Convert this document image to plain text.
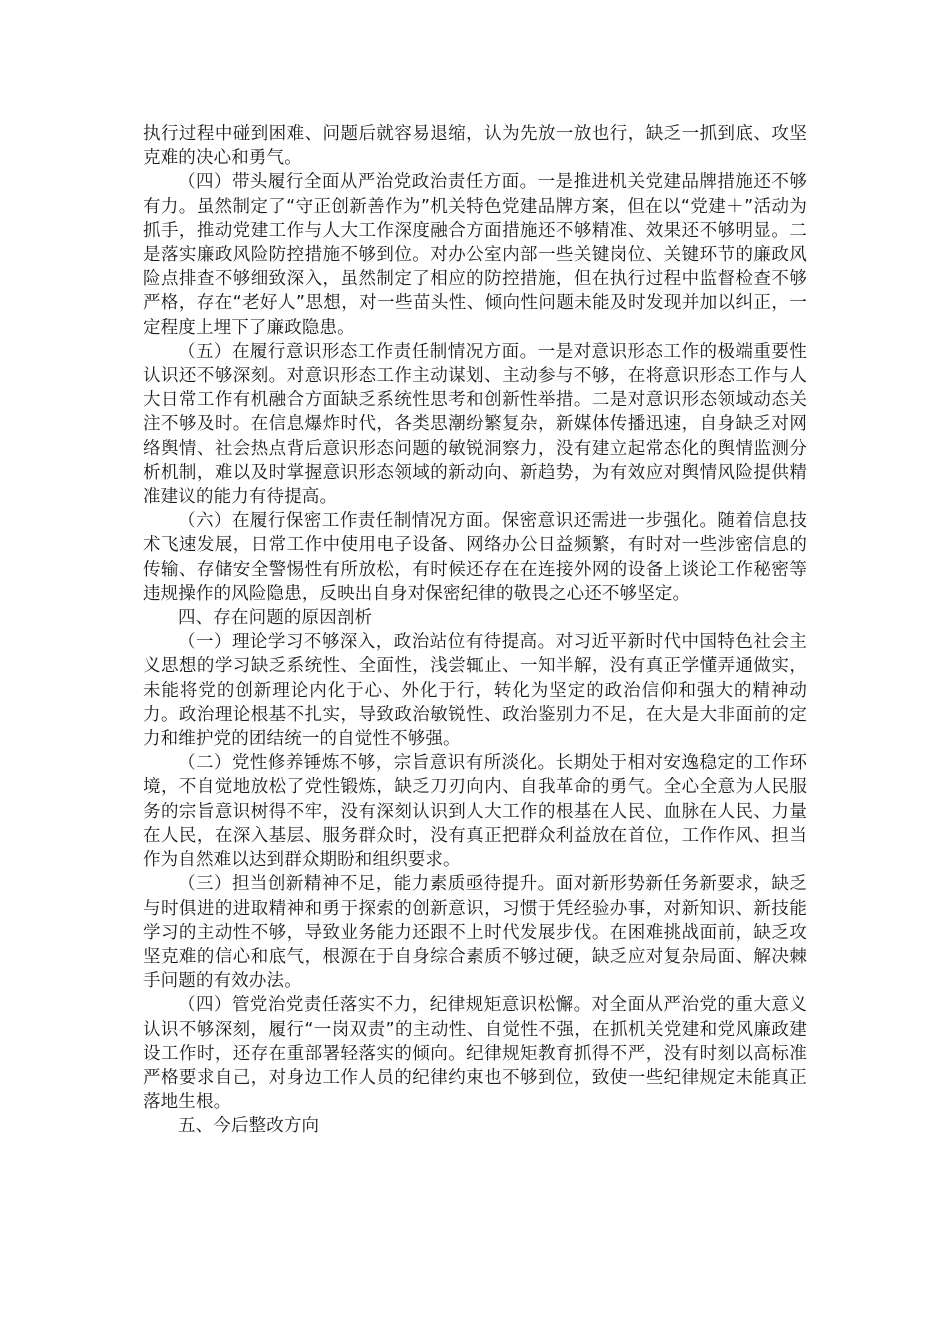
执行过程中碰到困难、问题后就容易退缩，认为先放一放也行，缺乏一抓到底、攻坚克难的决心和勇气。

（四）带头履行全面从严治党政治责任方面。一是推进机关党建品牌措施还不够有力。虽然制定了“守正创新善作为”机关特色党建品牌方案，但在以“党建＋”活动为抓手，推动党建工作与人大工作深度融合方面措施还不够精准、效果还不够明显。二是落实廉政风险防控措施不够到位。对办公室内部一些关键岗位、关键环节的廉政风险点排查不够细致深入，虽然制定了相应的防控措施，但在执行过程中监督检查不够严格，存在“老好人”思想，对一些苗头性、倾向性问题未能及时发现并加以纠正，一定程度上埋下了廉政隐患。

（五）在履行意识形态工作责任制情况方面。一是对意识形态工作的极端重要性认识还不够深刻。对意识形态工作主动谋划、主动参与不够，在将意识形态工作与人大日常工作有机融合方面缺乏系统性思考和创新性举措。二是对意识形态领域动态关注不够及时。在信息爆炸时代，各类思潮纷繁复杂，新媒体传播迅速，自身缺乏对网络舆情、社会热点背后意识形态问题的敏锐洞察力，没有建立起常态化的舆情监测分析机制，难以及时掌握意识形态领域的新动向、新趋势，为有效应对舆情风险提供精准建议的能力有待提高。

（六）在履行保密工作责任制情况方面。保密意识还需进一步强化。随着信息技术飞速发展，日常工作中使用电子设备、网络办公日益频繁，有时对一些涉密信息的传输、存储安全警惕性有所放松，有时候还存在在连接外网的设备上谈论工作秘密等违规操作的风险隐患，反映出自身对保密纪律的敬畏之心还不够坚定。

四、存在问题的原因剖析

（一）理论学习不够深入，政治站位有待提高。对习近平新时代中国特色社会主义思想的学习缺乏系统性、全面性，浅尝辄止、一知半解，没有真正学懂弄通做实，未能将党的创新理论内化于心、外化于行，转化为坚定的政治信仰和强大的精神动力。政治理论根基不扎实，导致政治敏锐性、政治鉴别力不足，在大是大非面前的定力和维护党的团结统一的自觉性不够强。

（二）党性修养锤炼不够，宗旨意识有所淡化。长期处于相对安逸稳定的工作环境，不自觉地放松了党性锻炼，缺乏刀刃向内、自我革命的勇气。全心全意为人民服务的宗旨意识树得不牢，没有深刻认识到人大工作的根基在人民、血脉在人民、力量在人民，在深入基层、服务群众时，没有真正把群众利益放在首位，工作作风、担当作为自然难以达到群众期盼和组织要求。

（三）担当创新精神不足，能力素质亟待提升。面对新形势新任务新要求，缺乏与时俱进的进取精神和勇于探索的创新意识，习惯于凭经验办事，对新知识、新技能学习的主动性不够，导致业务能力还跟不上时代发展步伐。在困难挑战面前，缺乏攻坚克难的信心和底气，根源在于自身综合素质不够过硬，缺乏应对复杂局面、解决棘手问题的有效办法。

（四）管党治党责任落实不力，纪律规矩意识松懈。对全面从严治党的重大意义认识不够深刻，履行“一岗双责”的主动性、自觉性不强，在抓机关党建和党风廉政建设工作时，还存在重部署轻落实的倾向。纪律规矩教育抓得不严，没有时刻以高标准严格要求自己，对身边工作人员的纪律约束也不够到位，致使一些纪律规定未能真正落地生根。

五、今后整改方向
